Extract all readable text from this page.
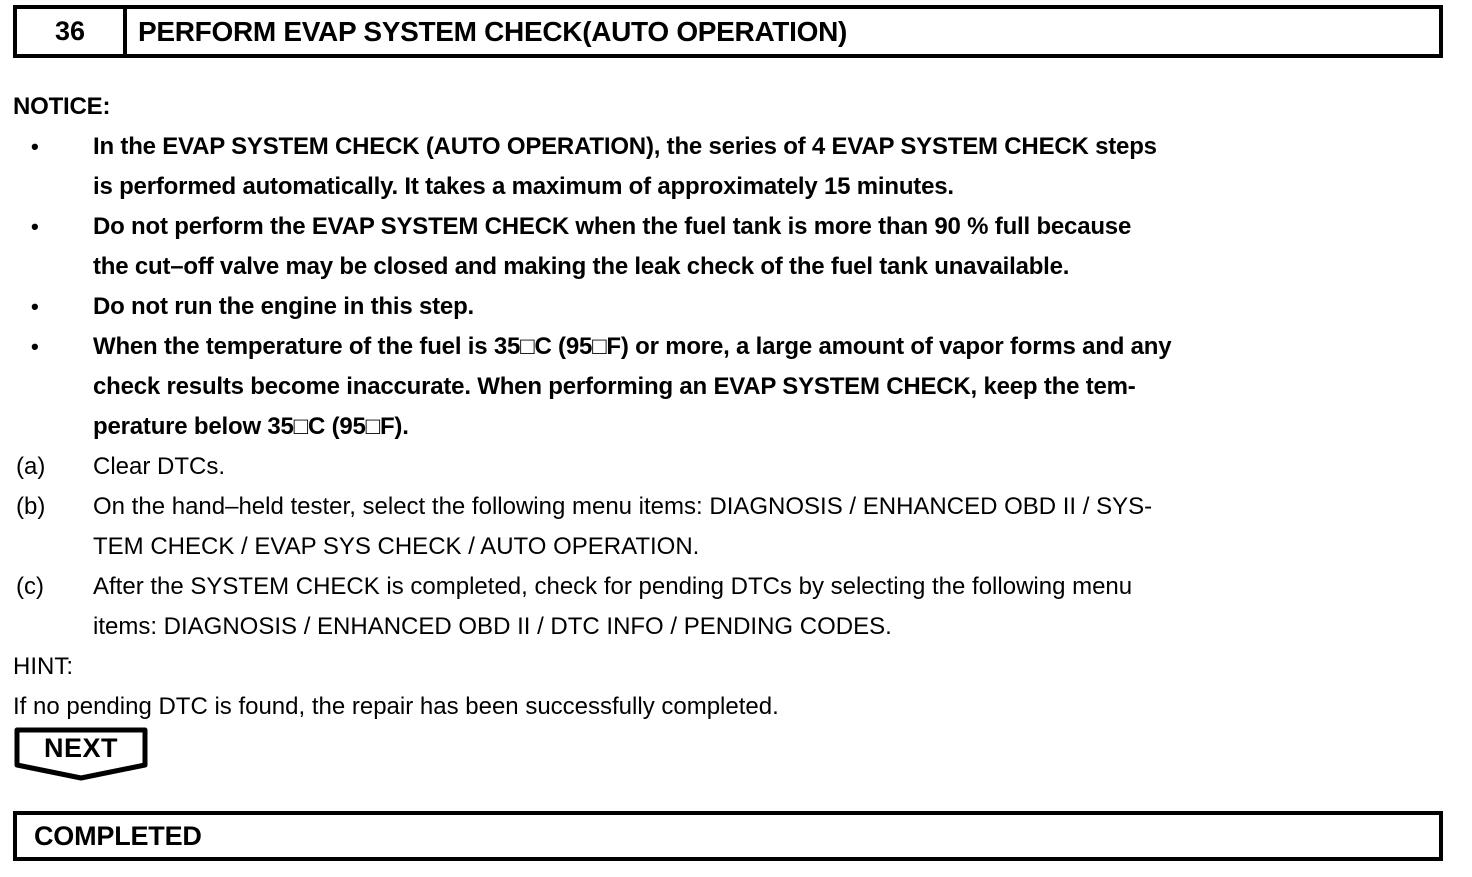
36	PERFORM EVAP SYSTEM CHECK(AUTO OPERATION)
NOTICE:
• In the EVAP SYSTEM CHECK (AUTO OPERATION), the series of 4 EVAP SYSTEM CHECK steps
is performed automatically. It takes a maximum of approximately 15 minutes.
• Do not perform the EVAP SYSTEM CHECK when the fuel tank is more than 90 % full because
the cut–off valve may be closed and making the leak check of the fuel tank unavailable.
• Do not run the engine in this step.
• When the temperature of the fuel is 35□C (95□F) or more, a large amount of vapor forms and any
check results become inaccurate. When performing an EVAP SYSTEM CHECK, keep the tem-
perature below 35□C (95□F).
(a) Clear DTCs.
(b) On the hand–held tester, select the following menu items: DIAGNOSIS / ENHANCED OBD II / SYS-
TEM CHECK / EVAP SYS CHECK / AUTO OPERATION.
(c) After the SYSTEM CHECK is completed, check for pending DTCs by selecting the following menu
items: DIAGNOSIS / ENHANCED OBD II / DTC INFO / PENDING CODES.
HINT:
If no pending DTC is found, the repair has been successfully completed.
NEXT
COMPLETED
